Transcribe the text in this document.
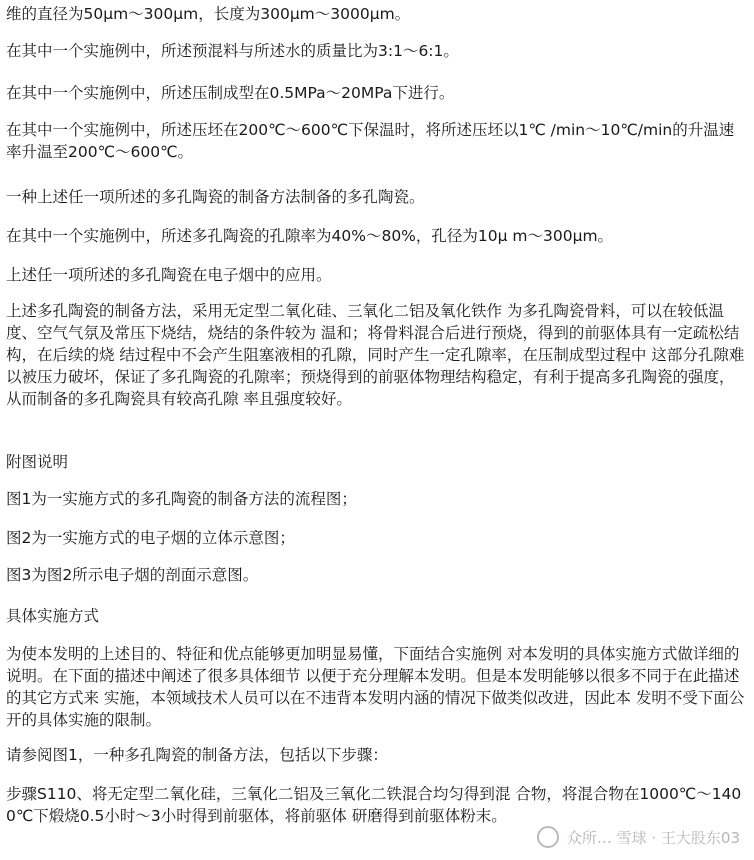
维的直径为50μm～300μm，长度为300μm～3000μm。

在其中一个实施例中，所述预混料与所述水的质量比为3:1～6:1。

在其中一个实施例中，所述压制成型在0.5MPa～20MPa下进行。

在其中一个实施例中，所述压坯在200℃～600℃下保温时，将所述压坯以1℃ /min～10℃/min的升温速率升温至200℃～600℃。

一种上述任一项所述的多孔陶瓷的制备方法制备的多孔陶瓷。

在其中一个实施例中，所述多孔陶瓷的孔隙率为40%～80%，孔径为10μ m～300μm。

上述任一项所述的多孔陶瓷在电子烟中的应用。

上述多孔陶瓷的制备方法，采用无定型二氧化硅、三氧化二铝及氧化铁作 为多孔陶瓷骨料，可以在较低温度、空气气氛及常压下烧结，烧结的条件较为 温和；将骨料混合后进行预烧，得到的前驱体具有一定疏松结构，在后续的烧 结过程中不会产生阻塞液相的孔隙，同时产生一定孔隙率，在压制成型过程中 这部分孔隙难以被压力破坏，保证了多孔陶瓷的孔隙率；预烧得到的前驱体物理结构稳定，有利于提高多孔陶瓷的强度，从而制备的多孔陶瓷具有较高孔隙 率且强度较好。

附图说明

图1为一实施方式的多孔陶瓷的制备方法的流程图；

图2为一实施方式的电子烟的立体示意图；

图3为图2所示电子烟的剖面示意图。

具体实施方式

为使本发明的上述目的、特征和优点能够更加明显易懂，下面结合实施例 对本发明的具体实施方式做详细的说明。在下面的描述中阐述了很多具体细节 以便于充分理解本发明。但是本发明能够以很多不同于在此描述的其它方式来 实施，本领域技术人员可以在不违背本发明内涵的情况下做类似改进，因此本 发明不受下面公开的具体实施的限制。

请参阅图1，一种多孔陶瓷的制备方法，包括以下步骤：

步骤S110、将无定型二氧化硅，三氧化二铝及三氧化二铁混合均匀得到混 合物，将混合物在1000℃～1400℃下煅烧0.5小时～3小时得到前驱体，将前驱体 研磨得到前驱体粉末。

众所… 雪球 · 王大股东03
